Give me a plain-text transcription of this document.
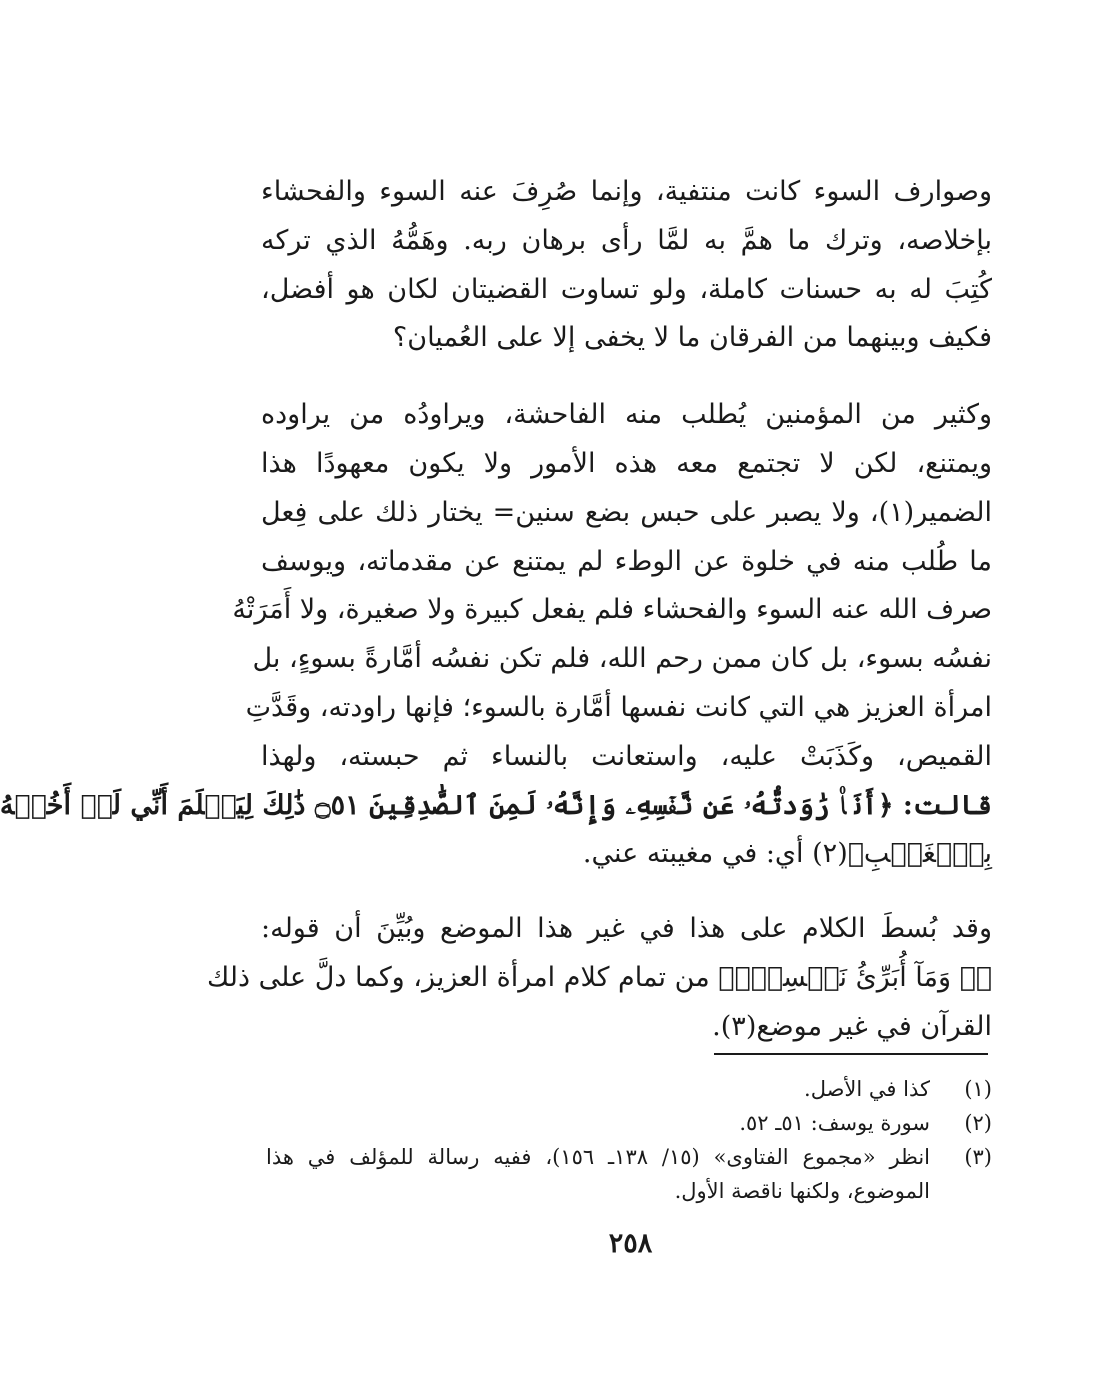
وصوارف السوء كانت منتفية، وإنما صُرِفَ عنه السوء والفحشاء
بإخلاصه، وترك ما همَّ به لمَّا رأى برهان ربه. وهَمُّهُ الذي تركه
كُتِبَ له به حسنات كاملة، ولو تساوت القضيتان لكان هو أفضل،
فكيف وبينهما من الفرقان ما لا يخفى إلا على العُميان؟

وكثير من المؤمنين يُطلب منه الفاحشة، ويراودُه من يراوده
ويمتنع، لكن لا تجتمع معه هذه الأمور ولا يكون معهودًا هذا
الضمير(١)، ولا يصبر على حبس بضع سنين= يختار ذلك على فِعل
ما طُلب منه في خلوة عن الوطء لم يمتنع عن مقدماته، ويوسف
صرف الله عنه السوء والفحشاء فلم يفعل كبيرة ولا صغيرة، ولا أَمَرَتْهُ
نفسُه بسوء، بل كان ممن رحم الله، فلم تكن نفسُه أمَّارةً بسوءٍ، بل
امرأة العزيز هي التي كانت نفسها أمَّارة بالسوء؛ فإنها راودته، وقَدَّتِ
القميص، وكَذَبَتْ عليه، واستعانت بالنساء ثم حبسته، ولهذا
قالت: ﴿أَنَا۠ رَٰوَدتُّهُۥ عَن نَّفۡسِهِۦ وَإِنَّهُۥ لَمِنَ ٱلصَّٰدِقِينَ ۝٥١ ذَٰلِكَ لِيَعۡلَمَ أَنِّي لَمۡ أَخُنۡهُ
بِٱلۡغَيۡبِ﴾(٢) أي: في مغيبته عني.

وقد بُسطَ الكلام على هذا في غير هذا الموضع وبُيِّنَ أن قوله:
﴿۞ وَمَآ أُبَرِّئُ نَفۡسِيٓۚ﴾ من تمام كلام امرأة العزيز، وكما دلَّ على ذلك
القرآن في غير موضع(٣).

(١)
كذا في الأصل.
(٢)
سورة يوسف: ٥١ـ ٥٢.
(٣)
انظر «مجموع الفتاوى» (١٥/ ١٣٨ـ ١٥٦)، ففيه رسالة للمؤلف في هذا
الموضوع، ولكنها ناقصة الأول.
٢٥٨
